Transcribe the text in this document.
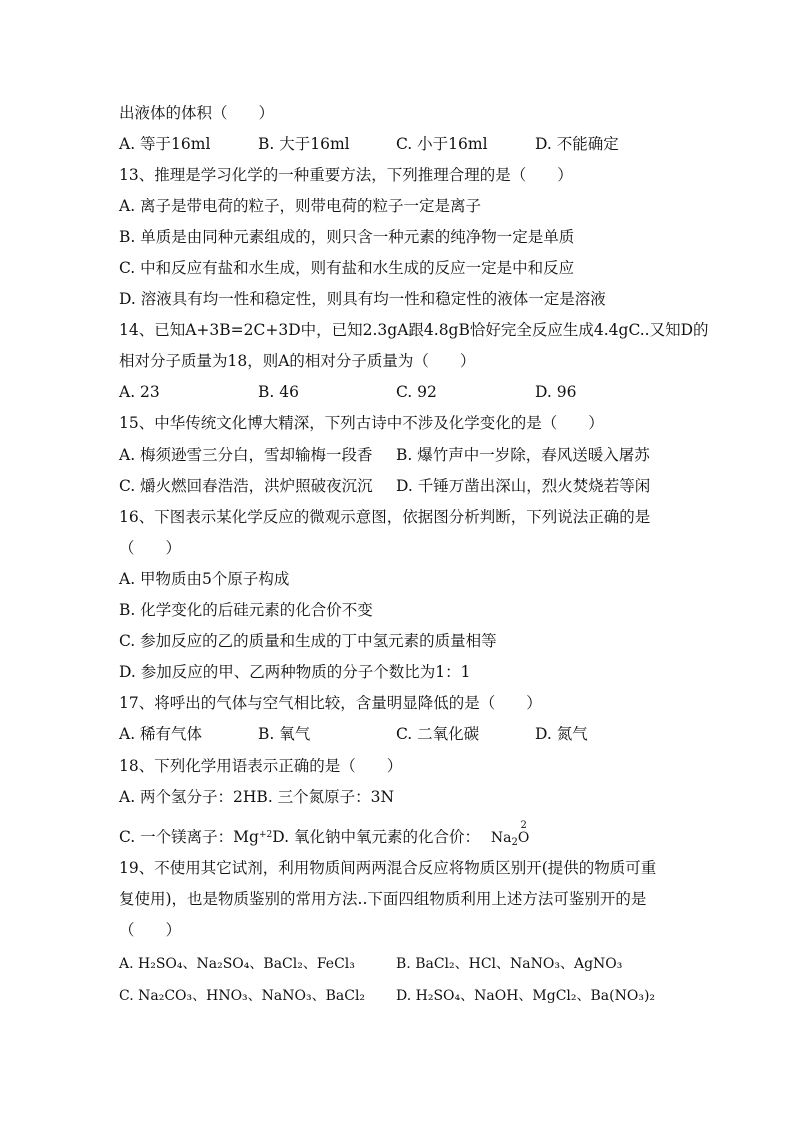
出液体的体积（　　）
A. 等于16ml	B. 大于16ml	C. 小于16ml	D. 不能确定
13、推理是学习化学的一种重要方法，下列推理合理的是（　　）
A. 离子是带电荷的粒子，则带电荷的粒子一定是离子
B. 单质是由同种元素组成的，则只含一种元素的纯净物一定是单质
C. 中和反应有盐和水生成，则有盐和水生成的反应一定是中和反应
D. 溶液具有均一性和稳定性，则具有均一性和稳定性的液体一定是溶液
14、已知A+3B=2C+3D中，已知2.3gA跟4.8gB恰好完全反应生成4.4gC..又知D的
相对分子质量为18，则A的相对分子质量为（　　）
A. 23	B. 46	C. 92	D. 96
15、中华传统文化博大精深，下列古诗中不涉及化学变化的是（　　）
A. 梅须逊雪三分白，雪却输梅一段香 B. 爆竹声中一岁除，春风送暖入屠苏
C. 爝火燃回春浩浩，洪炉照破夜沉沉 D. 千锤万凿出深山，烈火焚烧若等闲
16、下图表示某化学反应的微观示意图，依据图分析判断，下列说法正确的是
（　　）
A. 甲物质由5个原子构成
B. 化学变化的后硅元素的化合价不变
C. 参加反应的乙的质量和生成的丁中氢元素的质量相等
D. 参加反应的甲、乙两种物质的分子个数比为1：1
17、将呼出的气体与空气相比较，含量明显降低的是（　　）
A. 稀有气体	B. 氧气	C. 二氧化碳	D. 氮气
18、下列化学用语表示正确的是（　　）
A. 两个氢分子：2HB. 三个氮原子：3N
C. 一个镁离子：$Mg^{+2}D$. 氧化钠中氧元素的化合价： $Na_2$
2
O
19、不使用其它试剂，利用物质间两两混合反应将物质区别开(提供的物质可重
复使用)，也是物质鉴别的常用方法..下面四组物质利用上述方法可鉴别开的是
（　　）
A. H₂SO₄、Na₂SO₄、BaCl₂、FeCl₃	B. BaCl₂、HCl、NaNO₃、AgNO₃
C. Na₂CO₃、HNO₃、NaNO₃、BaCl₂ D. H₂SO₄、NaOH、MgCl₂、Ba(NO₃)₂
